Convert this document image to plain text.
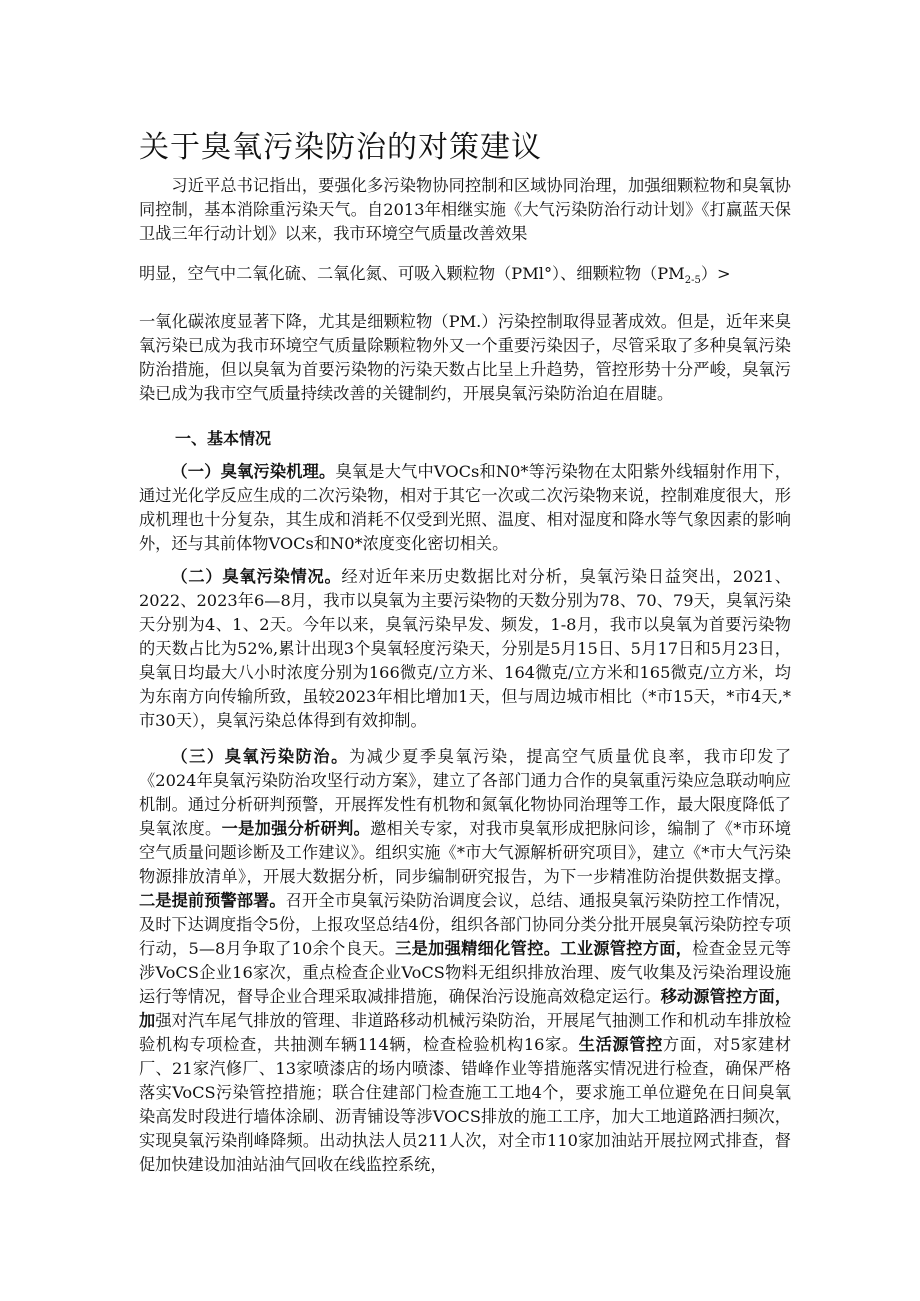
关于臭氧污染防治的对策建议

习近平总书记指出，要强化多污染物协同控制和区域协同治理，加强细颗粒物和臭氧协同控制，基本消除重污染天气。自2013年相继实施《大气污染防治行动计划》《打赢蓝天保卫战三年行动计划》以来，我市环境空气质量改善效果

明显，空气中二氧化硫、二氧化氮、可吸入颗粒物（PMl°）、细颗粒物$(PM_{2-5})>$

一氧化碳浓度显著下降，尤其是细颗粒物（PM.）污染控制取得显著成效。但是，近年来臭氧污染已成为我市环境空气质量除颗粒物外又一个重要污染因子，尽管采取了多种臭氧污染防治措施，但以臭氧为首要污染物的污染天数占比呈上升趋势，管控形势十分严峻，臭氧污染已成为我市空气质量持续改善的关键制约，开展臭氧污染防治迫在眉睫。

一、基本情况

（一）臭氧污染机理。臭氧是大气中VOCs和N0*等污染物在太阳紫外线辐射作用下，通过光化学反应生成的二次污染物，相对于其它一次或二次污染物来说，控制难度很大，形成机理也十分复杂，其生成和消耗不仅受到光照、温度、相对湿度和降水等气象因素的影响外，还与其前体物VOCs和N0*浓度变化密切相关。

（二）臭氧污染情况。经对近年来历史数据比对分析，臭氧污染日益突出，2021、2022、2023年6—8月，我市以臭氧为主要污染物的天数分别为78、70、79天，臭氧污染天分别为4、1、2天。今年以来，臭氧污染早发、频发，1-8月，我市以臭氧为首要污染物的天数占比为52%,累计出现3个臭氧轻度污染天，分别是5月15日、5月17日和5月23日，臭氧日均最大八小时浓度分别为166微克/立方米、164微克/立方米和165微克/立方米，均为东南方向传输所致，虽较2023年相比增加1天，但与周边城市相比（*市15天，*市4天,*市30天），臭氧污染总体得到有效抑制。

（三）臭氧污染防治。为减少夏季臭氧污染，提高空气质量优良率，我市印发了《2024年臭氧污染防治攻坚行动方案》，建立了各部门通力合作的臭氧重污染应急联动响应机制。通过分析研判预警，开展挥发性有机物和氮氧化物协同治理等工作，最大限度降低了臭氧浓度。一是加强分析研判。邀相关专家，对我市臭氧形成把脉问诊，编制了《*市环境空气质量问题诊断及工作建议》。组织实施《*市大气源解析研究项目》，建立《*市大气污染物源排放清单》，开展大数据分析，同步编制研究报告，为下一步精准防治提供数据支撑。二是提前预警部署。召开全市臭氧污染防治调度会议，总结、通报臭氧污染防控工作情况，及时下达调度指令5份，上报攻坚总结4份，组织各部门协同分类分批开展臭氧污染防控专项行动，5—8月争取了10余个良天。三是加强精细化管控。工业源管控方面，检查金昱元等涉VoCS企业16家次，重点检查企业VoCS物料无组织排放治理、废气收集及污染治理设施运行等情况，督导企业合理采取减排措施，确保治污设施高效稳定运行。移动源管控方面，加强对汽车尾气排放的管理、非道路移动机械污染防治，开展尾气抽测工作和机动车排放检验机构专项检查，共抽测车辆114辆，检查检验机构16家。生活源管控方面，对5家建材厂、21家汽修厂、13家喷漆店的场内喷漆、错峰作业等措施落实情况进行检查，确保严格落实VoCS污染管控措施；联合住建部门检查施工工地4个，要求施工单位避免在日间臭氧染高发时段进行墙体涂刷、沥青铺设等涉VOCS排放的施工工序，加大工地道路洒扫频次，实现臭氧污染削峰降频。出动执法人员211人次，对全市110家加油站开展拉网式排查，督促加快建设加油站油气回收在线监控系统，
